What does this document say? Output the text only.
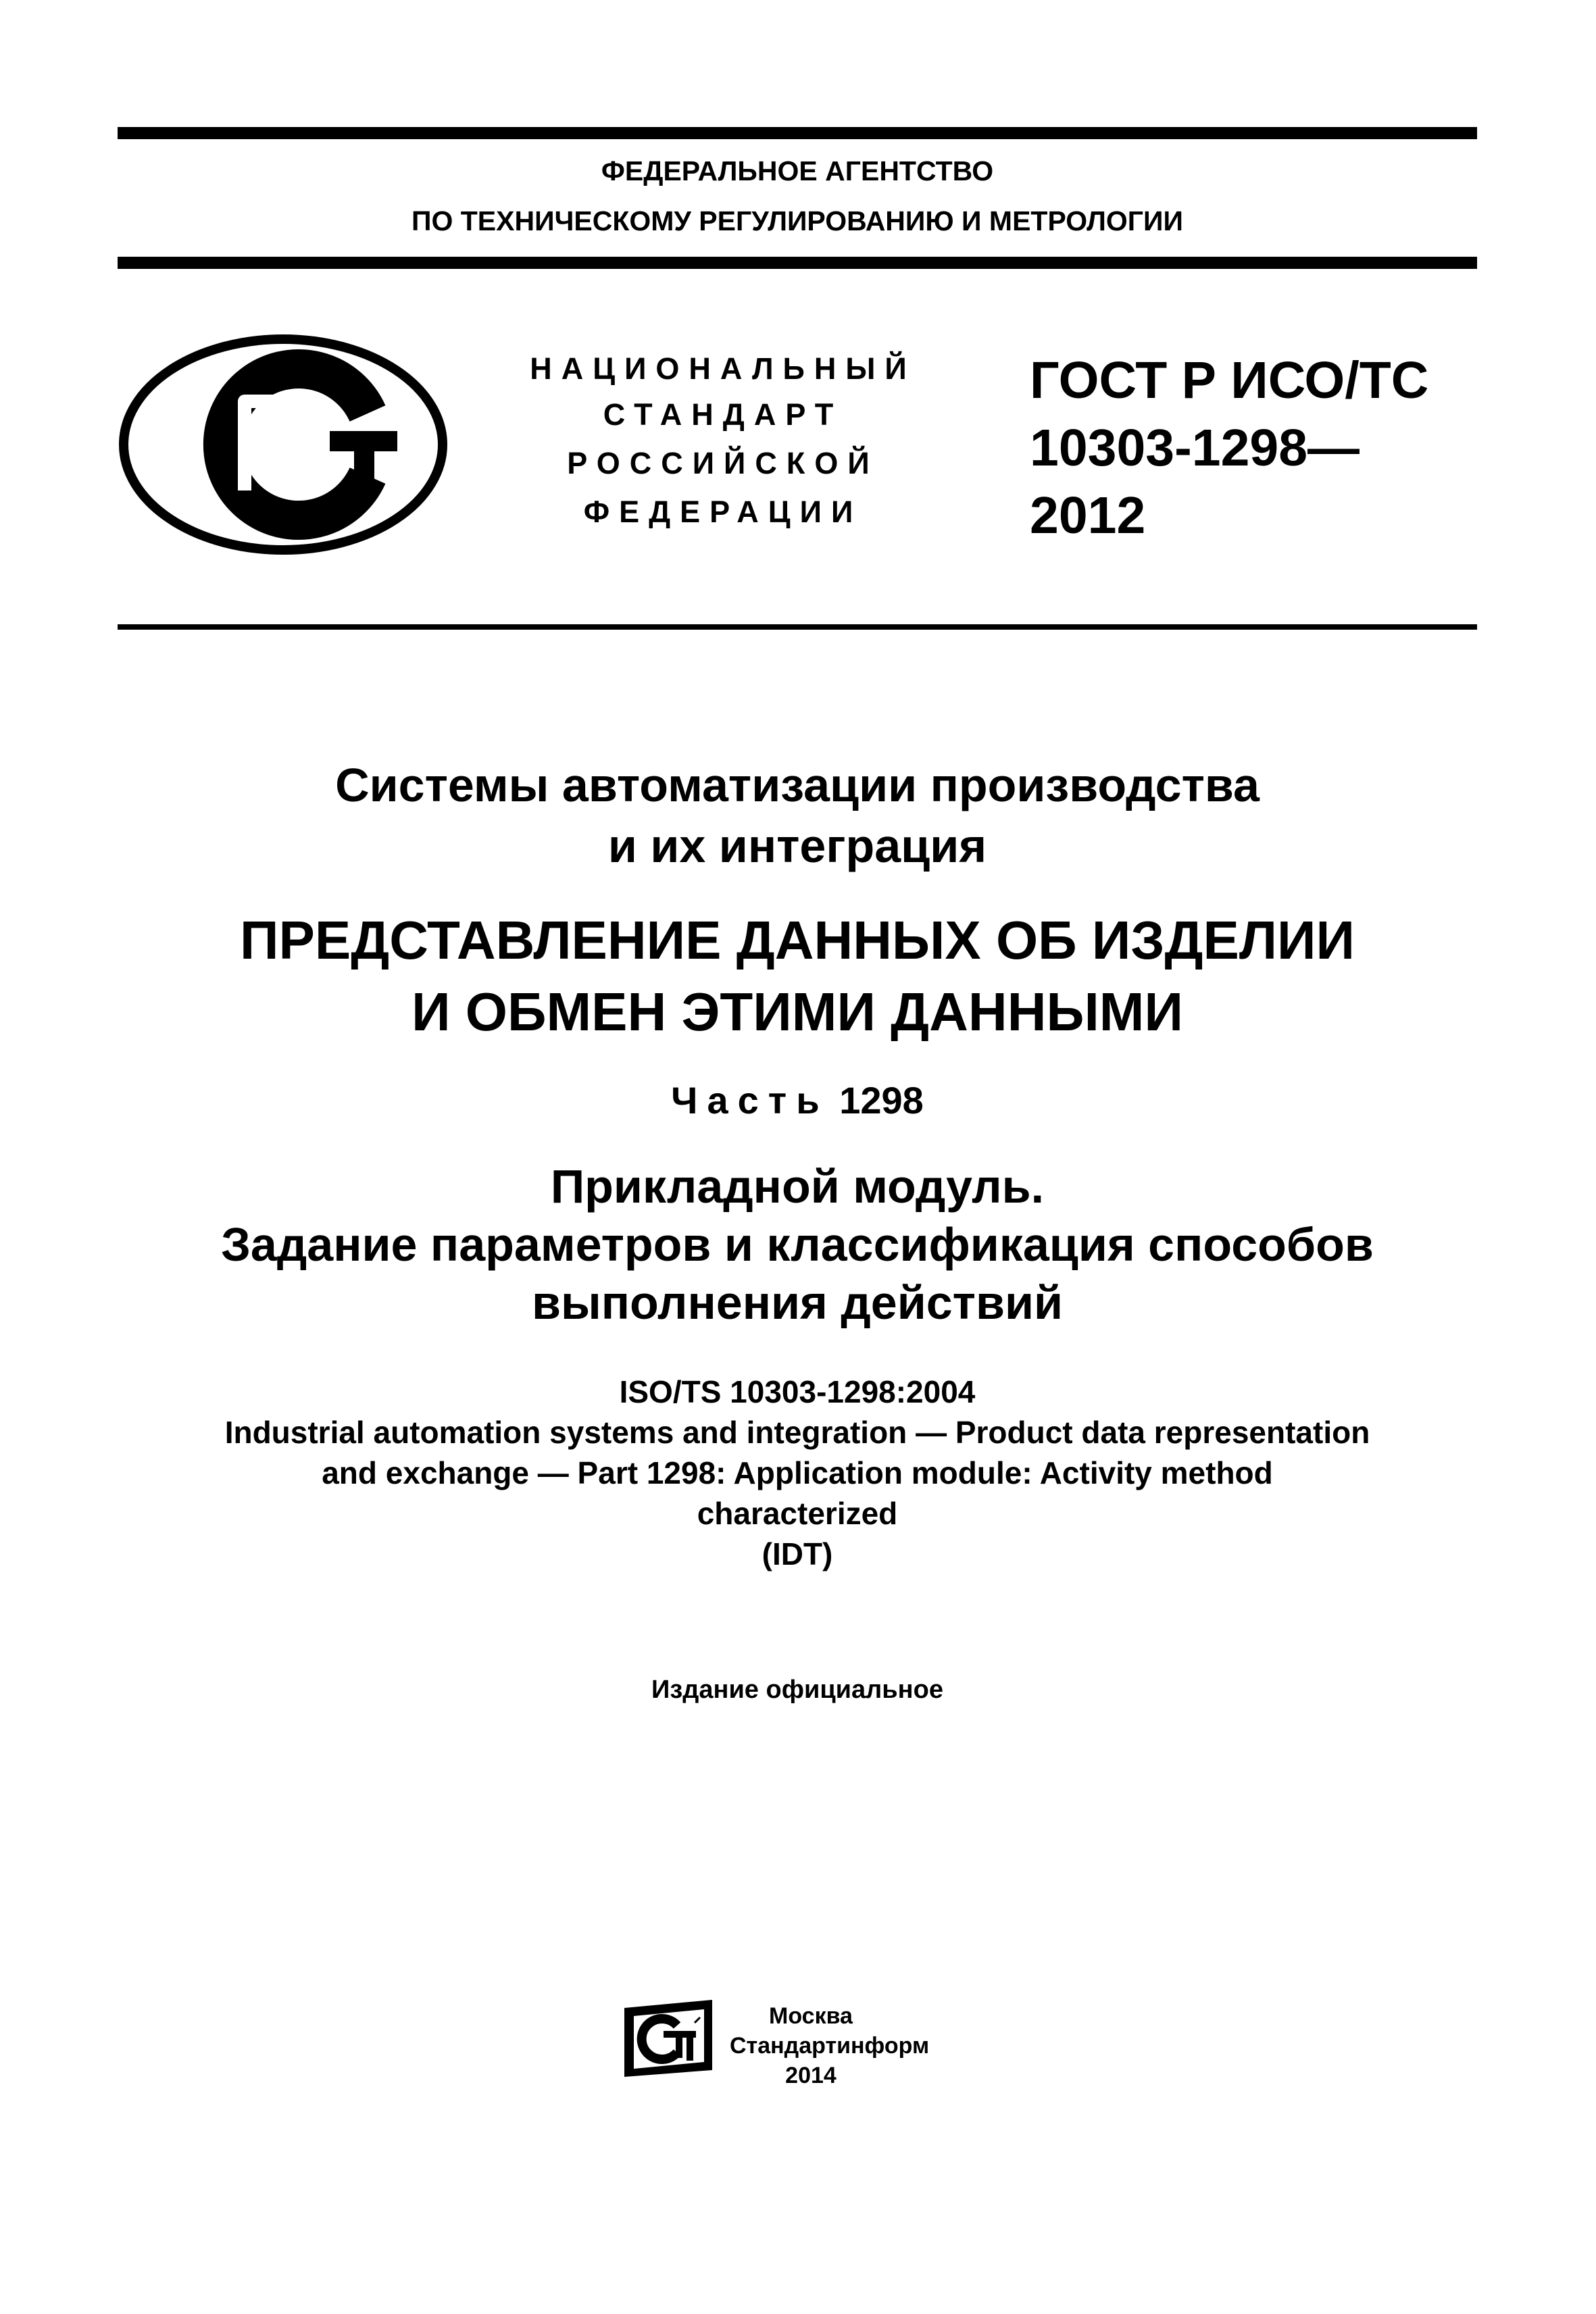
ФЕДЕРАЛЬНОЕ АГЕНТСТВО
ПО ТЕХНИЧЕСКОМУ РЕГУЛИРОВАНИЮ И МЕТРОЛОГИИ
НАЦИОНАЛЬНЫЙ
СТАНДАРТ
РОССИЙСКОЙ
ФЕДЕРАЦИИ
ГОСТ Р ИСО/ТС
10303-1298—
2012
Системы автоматизации производства
и их интеграция
ПРЕДСТАВЛЕНИЕ ДАННЫХ ОБ ИЗДЕЛИИ
И ОБМЕН ЭТИМИ ДАННЫМИ
Часть 1298
Прикладной модуль.
Задание параметров и классификация способов
выполнения действий
ISO/TS 10303-1298:2004
Industrial automation systems and integration — Product data representation
and exchange — Part 1298: Application module: Activity method
characterized
(IDT)
Издание официальное
Москва
Стандартинформ
2014
